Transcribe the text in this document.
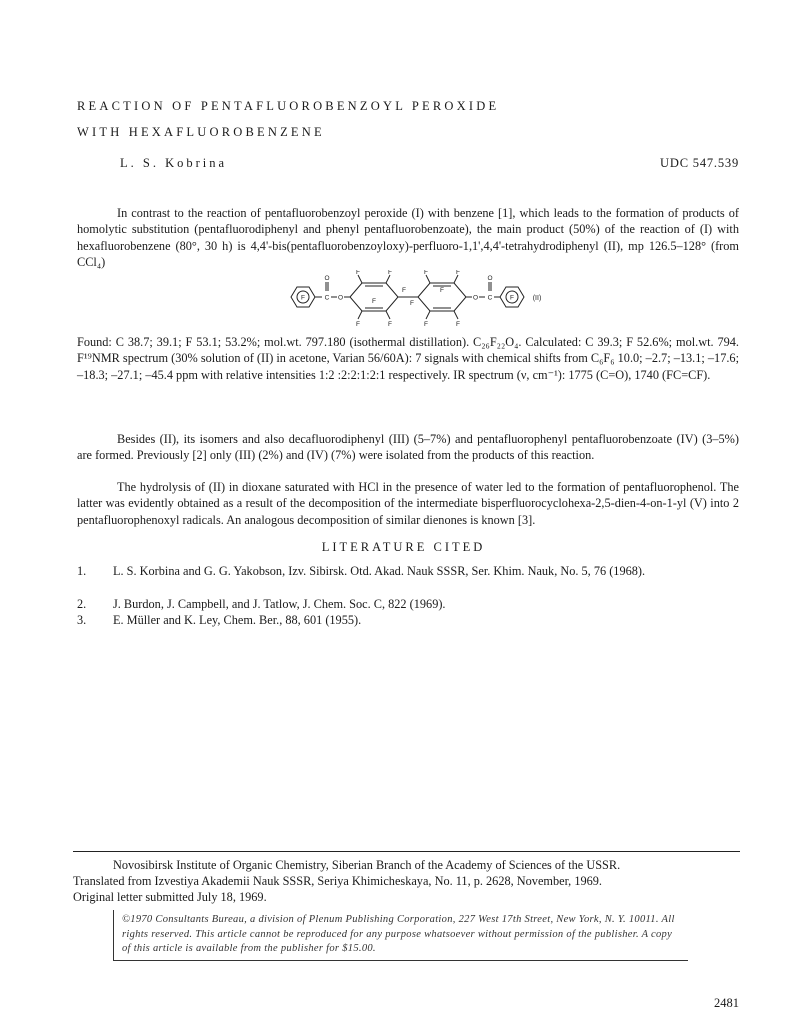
REACTION OF PENTAFLUOROBENZOYL PEROXIDE
WITH HEXAFLUOROBENZENE
L. S. Kobrina	UDC 547.539

In contrast to the reaction of pentafluorobenzoyl peroxide (I) with benzene [1], which leads to the formation of products of homolytic substitution (pentafluorodiphenyl and phenyl pentafluorobenzoate), the main product (50%) of the reaction of (I) with hexafluorobenzene (80°, 30 h) is 4,4'-bis(pentafluorobenzoyloxy)-perfluoro-1,1',4,4'-tetrahydrodiphenyl (II), mp 126.5–128° (from CCl₄)

F
O
C O
F	F
F	F
F
F
F	F
F	F
F
F
O
O
C	F	(II)

Found: C 38.7; 39.1; F 53.1; 53.2%; mol.wt. 797.180 (isothermal distillation). C₂₆F₂₂O₄. Calculated: C 39.3; F 52.6%; mol.wt. 794. F¹⁹NMR spectrum (30% solution of (II) in acetone, Varian 56/60A): 7 signals with chemical shifts from C₆F₆ 10.0; –2.7; –13.1; –17.6; –18.3; –27.1; –45.4 ppm with relative intensities 1:2 :2:2:1:2:1 respectively. IR spectrum (ν, cm⁻¹): 1775 (C=O), 1740 (FC=CF).

Besides (II), its isomers and also decafluorodiphenyl (III) (5–7%) and pentafluorophenyl pentafluorobenzoate (IV) (3–5%) are formed. Previously [2] only (III) (2%) and (IV) (7%) were isolated from the products of this reaction.

The hydrolysis of (II) in dioxane saturated with HCl in the presence of water led to the formation of pentafluorophenol. The latter was evidently obtained as a result of the decomposition of the intermediate bisperfluorocyclohexa-2,5-dien-4-on-1-yl (V) into 2 pentafluorophenoxyl radicals. An analogous decomposition of similar dienones is known [3].

LITERATURE CITED
1.	L. S. Korbina and G. G. Yakobson, Izv. Sibirsk. Otd. Akad. Nauk SSSR, Ser. Khim. Nauk, No. 5, 76 (1968).
2.	J. Burdon, J. Campbell, and J. Tatlow, J. Chem. Soc. C, 822 (1969).
3.	E. Müller and K. Ley, Chem. Ber., 88, 601 (1955).

Novosibirsk Institute of Organic Chemistry, Siberian Branch of the Academy of Sciences of the USSR.
Translated from Izvestiya Akademii Nauk SSSR, Seriya Khimicheskaya, No. 11, p. 2628, November, 1969.
Original letter submitted July 18, 1969.

©1970 Consultants Bureau, a division of Plenum Publishing Corporation, 227 West 17th Street, New York, N. Y. 10011. All rights reserved. This article cannot be reproduced for any purpose whatsoever without permission of the publisher. A copy of this article is available from the publisher for $15.00.

2481
